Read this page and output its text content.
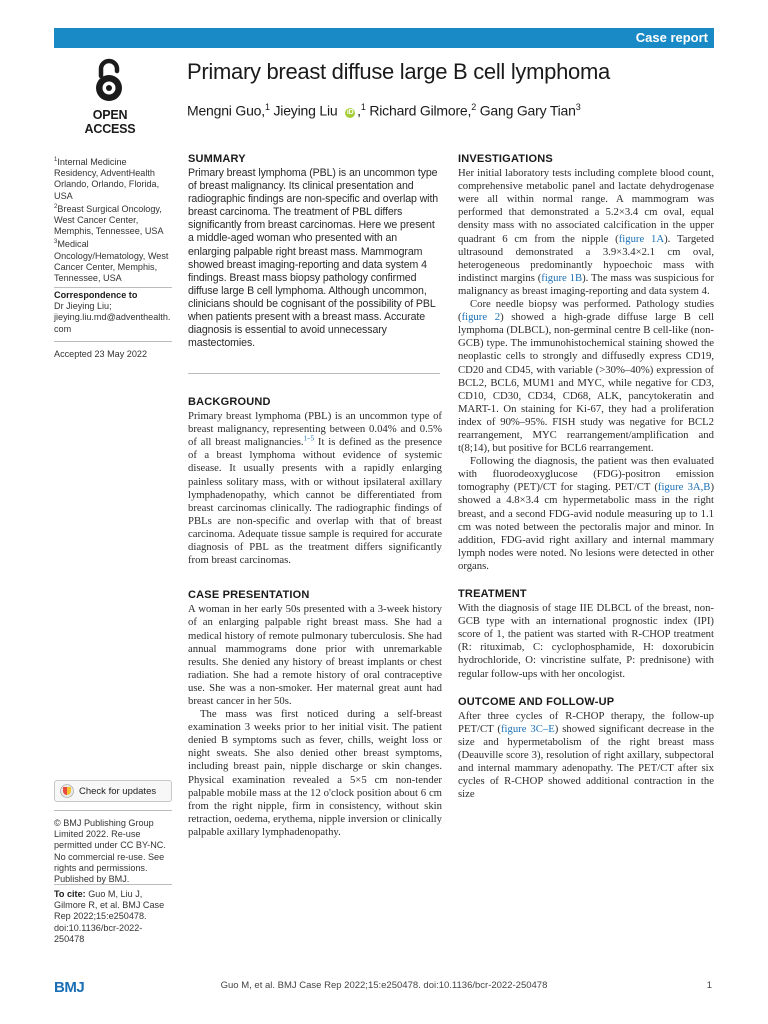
Case report
OPEN ACCESS
Primary breast diffuse large B cell lymphoma
Mengni Guo,$^1$ Jieying Liu iD ,$^1$ Richard Gilmore,$^2$ Gang Gary Tian$^3$

$^1$Internal Medicine Residency, AdventHealth Orlando, Orlando, Florida, USA

$^2$Breast Surgical Oncology, West Cancer Center, Memphis, Tennessee, USA

$^3$Medical Oncology/Hematology, West Cancer Center, Memphis, Tennessee, USA

Correspondence to

Dr Jieying Liu;

jieying.liu.md@adventhealth.com

Accepted 23 May 2022
Check for updates
© BMJ Publishing Group Limited 2022. Re-use permitted under CC BY-NC. No commercial re-use. See rights and permissions. Published by BMJ.
To cite: Guo M, Liu J, Gilmore R, et al. BMJ Case Rep 2022;15:e250478. doi:10.1136/bcr-2022-250478
SUMMARY
Primary breast lymphoma (PBL) is an uncommon type of breast malignancy. Its clinical presentation and radiographic findings are non-specific and overlap with breast carcinoma. The treatment of PBL differs significantly from breast carcinomas. Here we present a middle-aged woman who presented with an enlarging palpable right breast mass. Mammogram showed breast imaging-reporting and data system 4 findings. Breast mass biopsy pathology confirmed diffuse large B cell lymphoma. Although uncommon, clinicians should be cognisant of the possibility of PBL when patients present with a breast mass. Accurate diagnosis is essential to avoid unnecessary mastectomies.
BACKGROUND

Primary breast lymphoma (PBL) is an uncommon type of breast malignancy, representing between 0.04% and 0.5% of all breast malignancies.$^{1-5}$ It is defined as the presence of a breast lymphoma without evidence of systemic disease. It usually presents with a rapidly enlarging painless solitary mass, with or without ipsilateral axillary lymphadenopathy, which cannot be differentiated from breast carcinomas clinically. The radiographic findings of PBLs are non-specific and overlap with that of breast carcinoma. Adequate tissue sample is required for accurate diagnosis of PBL as the treatment differs significantly from breast carcinomas.

CASE PRESENTATION

A woman in her early 50s presented with a 3-week history of an enlarging palpable right breast mass. She had a medical history of remote pulmonary tuberculosis. She had annual mammograms done prior with unremarkable results. She denied any history of breast implants or chest radiation. She had a remote history of oral contraceptive use. She was a non-smoker. Her maternal great aunt had breast cancer in her 50s.

The mass was first noticed during a self-breast examination 3 weeks prior to her initial visit. The patient denied B symptoms such as fever, chills, weight loss or night sweats. She also denied other breast symptoms, including breast pain, nipple discharge or skin changes. Physical examination revealed a 5×5 cm non-tender palpable mobile mass at the 12 o'clock position about 6 cm from the right nipple, firm in consistency, without skin retraction, oedema, erythema, nipple inversion or clinically palpable axillary lymphadenopathy.

INVESTIGATIONS

Her initial laboratory tests including complete blood count, comprehensive metabolic panel and lactate dehydrogenase were all within normal range. A mammogram was performed that demonstrated a 5.2×3.4 cm oval, equal density mass with no associated calcification in the upper quadrant 6 cm from the nipple (figure 1A). Targeted ultrasound demonstrated a 3.9×3.4×2.1 cm oval, heterogeneous predominantly hypoechoic mass with indistinct margins (figure 1B). The mass was suspicious for malignancy as breast imaging-reporting and data system 4.

Core needle biopsy was performed. Pathology studies (figure 2) showed a high-grade diffuse large B cell lymphoma (DLBCL), non-germinal centre B cell-like (non-GCB) type. The immunohistochemical staining showed the neoplastic cells to strongly and diffusedly express CD19, CD20 and CD45, with variable (>30%–40%) expression of BCL2, BCL6, MUM1 and MYC, while negative for CD3, CD10, CD30, CD34, CD68, ALK, pancytokeratin and MART-1. On staining for Ki-67, they had a proliferation index of 90%–95%. FISH study was negative for BCL2 rearrangement, MYC rearrangement/amplification and t(8;14), but positive for BCL6 rearrangement.

Following the diagnosis, the patient was then evaluated with fluorodeoxyglucose (FDG)-positron emission tomography (PET)/CT for staging. PET/CT (figure 3A,B) showed a 4.8×3.4 cm hypermetabolic mass in the right breast, and a second FDG-avid nodule measuring up to 1.1 cm was noted between the pectoralis major and minor. In addition, FDG-avid right axillary and internal mammary lymph nodes were noted. No lesions were detected in other organs.

TREATMENT

With the diagnosis of stage IIE DLBCL of the breast, non-GCB type with an international prognostic index (IPI) score of 1, the patient was started with R-CHOP treatment (R: rituximab, C: cyclophosphamide, H: doxorubicin hydrochloride, O: vincristine sulfate, P: prednisone) with regular follow-ups with her oncologist.

OUTCOME AND FOLLOW-UP

After three cycles of R-CHOP therapy, the follow-up PET/CT (figure 3C–E) showed significant decrease in the size and hypermetabolism of the right breast mass (Deauville score 3), resolution of right axillary, subpectoral and internal mammary adenopathy. The PET/CT after six cycles of R-CHOP showed additional contraction in the size

BMJ	Guo M, et al. BMJ Case Rep 2022;15:e250478. doi:10.1136/bcr-2022-250478	1
